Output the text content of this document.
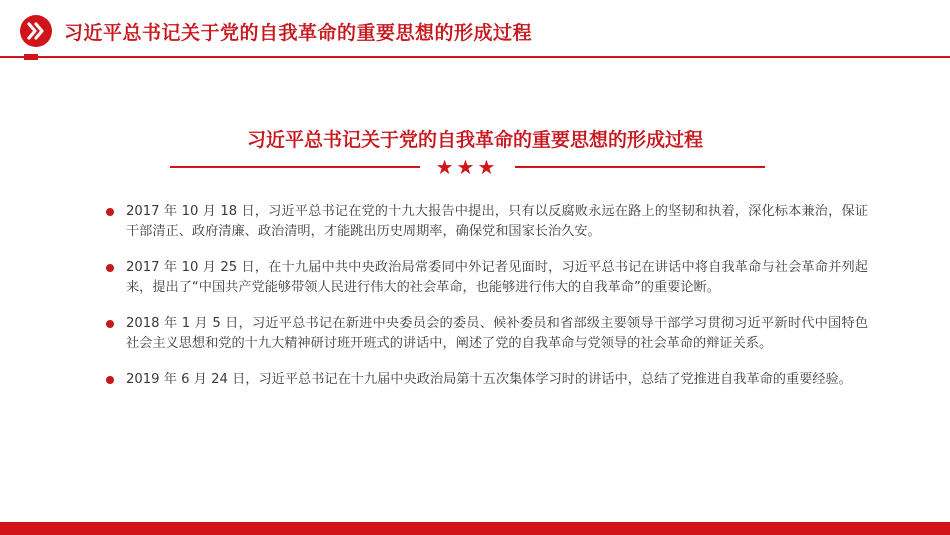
习近平总书记关于党的自我革命的重要思想的形成过程
习近平总书记关于党的自我革命的重要思想的形成过程
★★★
2017 年 10 月 18 日，习近平总书记在党的十九大报告中提出，只有以反腐败永远在路上的坚韧和执着，深化标本兼治，保证干部清正、政府清廉、政治清明，才能跳出历史周期率，确保党和国家长治久安。
2017 年 10 月 25 日，在十九届中共中央政治局常委同中外记者见面时，习近平总书记在讲话中将自我革命与社会革命并列起来，提出了“中国共产党能够带领人民进行伟大的社会革命，也能够进行伟大的自我革命”的重要论断。
2018 年 1 月 5 日，习近平总书记在新进中央委员会的委员、候补委员和省部级主要领导干部学习贯彻习近平新时代中国特色社会主义思想和党的十九大精神研讨班开班式的讲话中，阐述了党的自我革命与党领导的社会革命的辩证关系。
2019 年 6 月 24 日，习近平总书记在十九届中央政治局第十五次集体学习时的讲话中，总结了党推进自我革命的重要经验。
